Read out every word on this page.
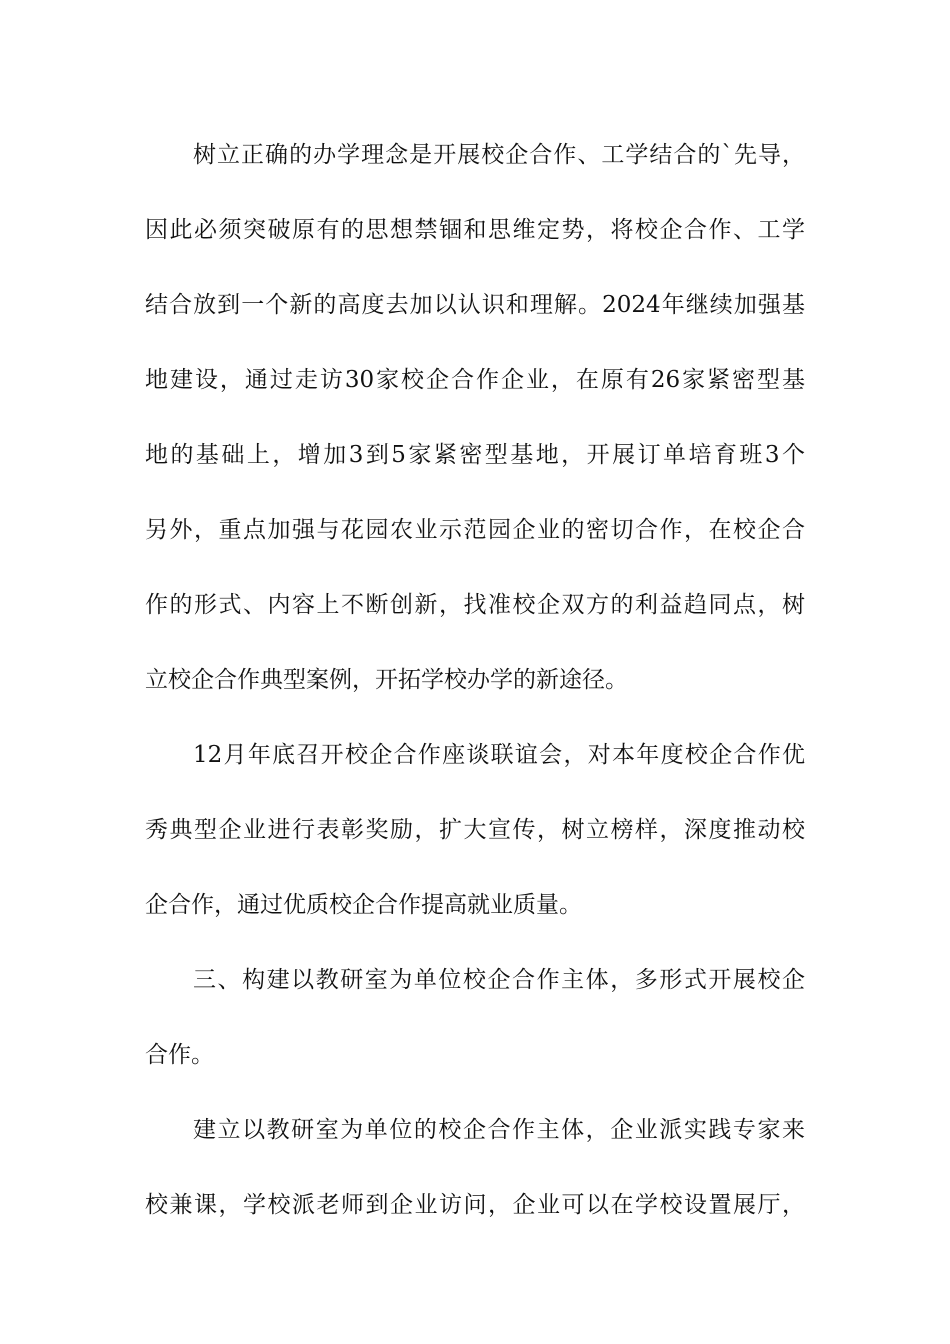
树立正确的办学理念是开展校企合作、工学结合的`先导，
因此必须突破原有的思想禁锢和思维定势，将校企合作、工学
结合放到一个新的高度去加以认识和理解。2024年继续加强基
地建设，通过走访30家校企合作企业，在原有26家紧密型基
地的基础上，增加3到5家紧密型基地，开展订单培育班3个
另外，重点加强与花园农业示范园企业的密切合作，在校企合
作的形式、内容上不断创新，找准校企双方的利益趋同点，树
立校企合作典型案例，开拓学校办学的新途径。
12月年底召开校企合作座谈联谊会，对本年度校企合作优
秀典型企业进行表彰奖励，扩大宣传，树立榜样，深度推动校
企合作，通过优质校企合作提高就业质量。
三、构建以教研室为单位校企合作主体，多形式开展校企
合作。
建立以教研室为单位的校企合作主体，企业派实践专家来
校兼课，学校派老师到企业访问，企业可以在学校设置展厅，
